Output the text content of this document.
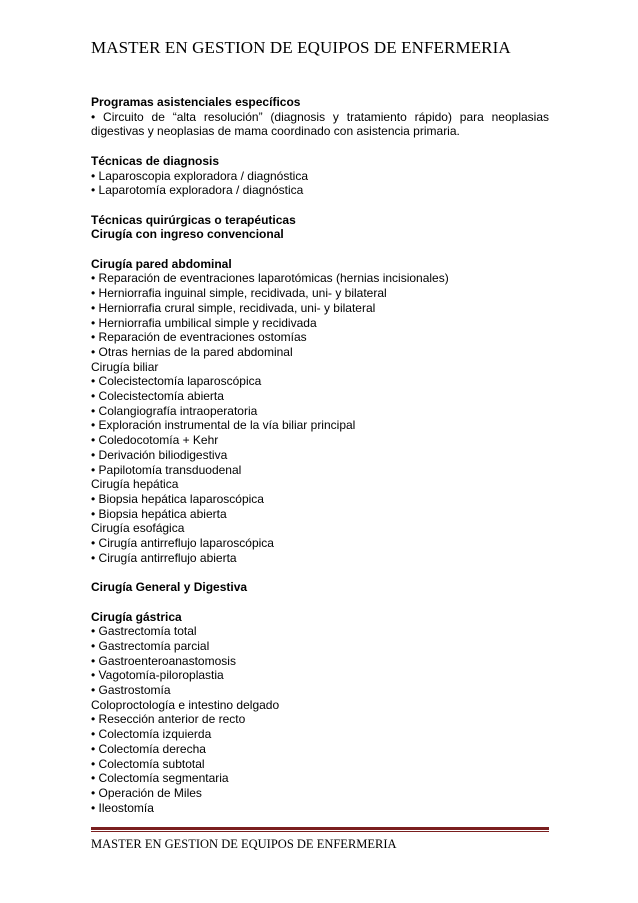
MASTER EN GESTION DE EQUIPOS DE ENFERMERIA
Programas asistenciales específicos
• Circuito de “alta resolución” (diagnosis y tratamiento rápido) para neoplasias
digestivas y neoplasias de mama coordinado con asistencia primaria.
Técnicas de diagnosis
• Laparoscopia exploradora / diagnóstica
• Laparotomía exploradora / diagnóstica
Técnicas quirúrgicas o terapéuticas
Cirugía con ingreso convencional
Cirugía pared abdominal
• Reparación de eventraciones laparotómicas (hernias incisionales)
• Herniorrafia inguinal simple, recidivada, uni- y bilateral
• Herniorrafia crural simple, recidivada, uni- y bilateral
• Herniorrafia umbilical simple y recidivada
• Reparación de eventraciones ostomías
• Otras hernias de la pared abdominal
Cirugía biliar
• Colecistectomía laparoscópica
• Colecistectomía abierta
• Colangiografía intraoperatoria
• Exploración instrumental de la vía biliar principal
• Coledocotomía + Kehr
• Derivación biliodigestiva
• Papilotomía transduodenal
Cirugía hepática
• Biopsia hepática laparoscópica
• Biopsia hepática abierta
Cirugía esofágica
• Cirugía antirreflujo laparoscópica
• Cirugía antirreflujo abierta
Cirugía General y Digestiva
Cirugía gástrica
• Gastrectomía total
• Gastrectomía parcial
• Gastroenteroanastomosis
• Vagotomía-piloroplastia
• Gastrostomía
Coloproctología e intestino delgado
• Resección anterior de recto
• Colectomía izquierda
• Colectomía derecha
• Colectomía subtotal
• Colectomía segmentaria
• Operación de Miles
• Ileostomía
MASTER EN GESTION DE EQUIPOS DE ENFERMERIA
